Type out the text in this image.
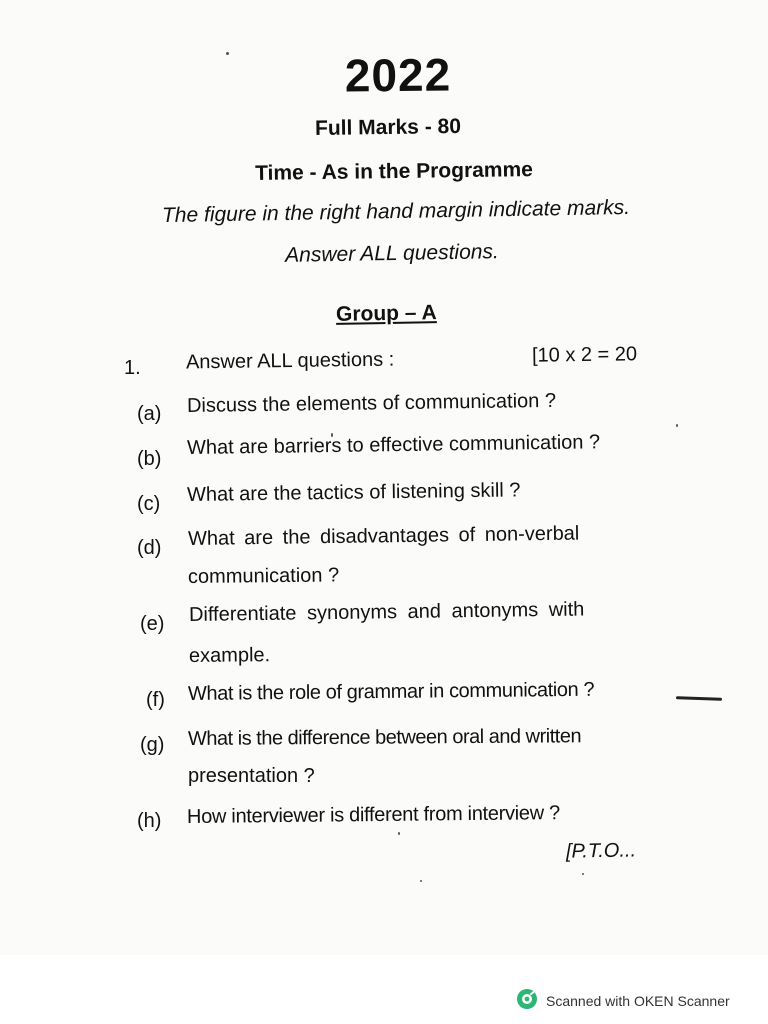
2022
Full Marks - 80
Time - As in the Programme
The figure in the right hand margin indicate marks.
Answer ALL questions.
Group – A
1. Answer ALL questions :	[10 x 2 = 20
(a) Discuss the elements of communication ?
(b)
What are barriers to effective communication ?
(c) What are the tactics of listening skill ?
(d) What are the disadvantages of non-verbal
communication ?
(e) Differentiate synonyms and antonyms with
example.
(f) What is the role of grammar in communication ?
(g) What is the difference between oral and written
presentation ?
(h) How interviewer is different from interview ?
[P.T.O...
Scanned with OKEN Scanner
